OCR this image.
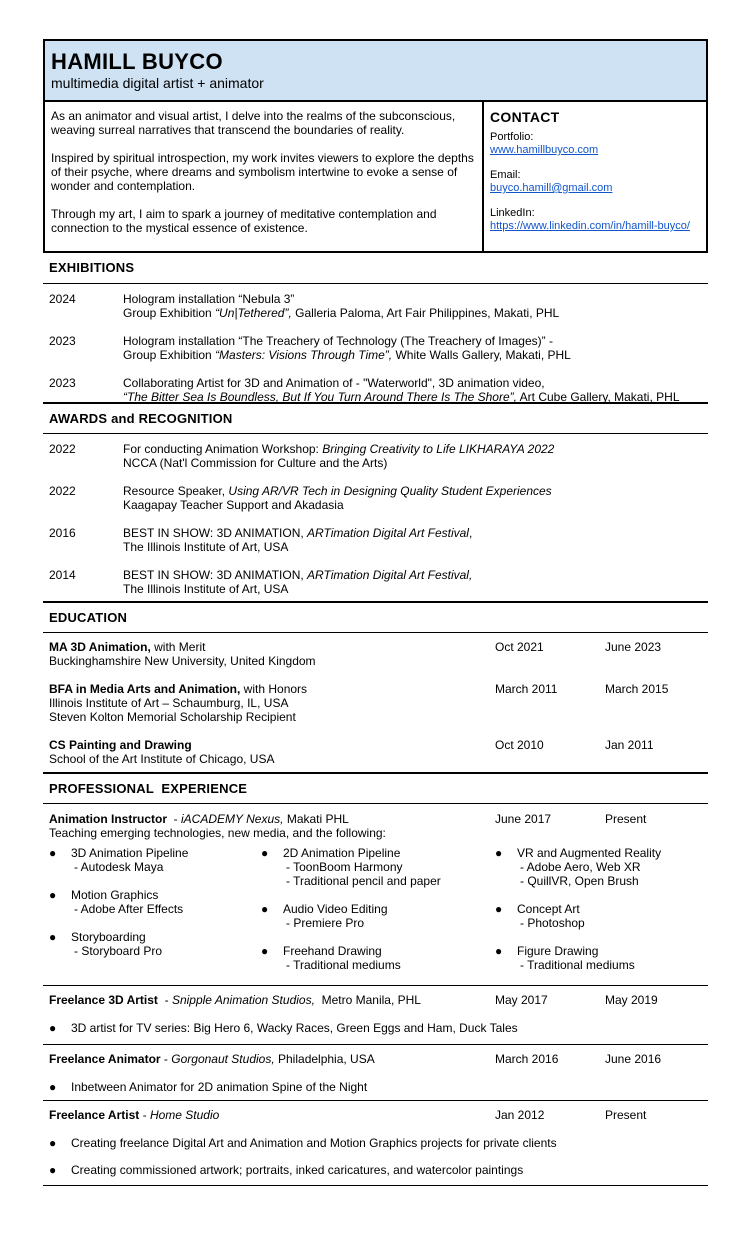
HAMILL BUYCO
multimedia digital artist + animator

As an animator and visual artist, I delve into the realms of the subconscious, weaving surreal narratives that transcend the boundaries of reality.

Inspired by spiritual introspection, my work invites viewers to explore the depths of their psyche, where dreams and symbolism intertwine to evoke a sense of wonder and contemplation.

Through my art, I aim to spark a journey of meditative contemplation and connection to the mystical essence of existence.

CONTACT
Portfolio:
www.hamillbuyco.com
Email:
buyco.hamill@gmail.com
LinkedIn:
https://www.linkedin.com/in/hamill-buyco/
EXHIBITIONS
2024	Hologram installation “Nebula 3”
Group Exhibition “Un|Tethered”, Galleria Paloma, Art Fair Philippines, Makati, PHL
2023	Hologram installation “The Treachery of Technology (The Treachery of Images)” -
Group Exhibition “Masters: Visions Through Time”, White Walls Gallery, Makati, PHL
2023	Collaborating Artist for 3D and Animation of - "Waterworld", 3D animation video,
“The Bitter Sea Is Boundless, But If You Turn Around There Is The Shore”, Art Cube Gallery, Makati, PHL
AWARDS and RECOGNITION
2022	For conducting Animation Workshop: Bringing Creativity to Life LIKHARAYA 2022
NCCA (Nat'l Commission for Culture and the Arts)
2022	Resource Speaker, Using AR/VR Tech in Designing Quality Student Experiences
Kaagapay Teacher Support and Akadasia
2016	BEST IN SHOW: 3D ANIMATION, ARTimation Digital Art Festival,
The Illinois Institute of Art, USA
2014	BEST IN SHOW: 3D ANIMATION, ARTimation Digital Art Festival,
The Illinois Institute of Art, USA
EDUCATION
MA 3D Animation, with Merit
Buckinghamshire New University, United Kingdom
Oct 2021	June 2023
BFA in Media Arts and Animation, with Honors
Illinois Institute of Art – Schaumburg, IL, USA
Steven Kolton Memorial Scholarship Recipient
March 2011	March 2015
CS Painting and Drawing
School of the Art Institute of Chicago, USA
Oct 2010	Jan 2011
PROFESSIONAL  EXPERIENCE
Animation Instructor  - iACADEMY Nexus, Makati PHL	June 2017	Present
Teaching emerging technologies, new media, and the following:
●	3D Animation Pipeline
- Autodesk Maya
●	Motion Graphics
- Adobe After Effects
●	Storyboarding
- Storyboard Pro
●	2D Animation Pipeline
- ToonBoom Harmony
- Traditional pencil and paper
●	Audio Video Editing
- Premiere Pro
●	Freehand Drawing
- Traditional mediums
●	VR and Augmented Reality
- Adobe Aero, Web XR
- QuillVR, Open Brush
●	Concept Art
- Photoshop
●	Figure Drawing
- Traditional mediums
Freelance 3D Artist  - Snipple Animation Studios,  Metro Manila, PHL	May 2017	May 2019
●	3D artist for TV series: Big Hero 6, Wacky Races, Green Eggs and Ham, Duck Tales
Freelance Animator - Gorgonaut Studios, Philadelphia, USA	March 2016	June 2016
●	Inbetween Animator for 2D animation Spine of the Night
Freelance Artist - Home Studio	Jan 2012	Present
●	Creating freelance Digital Art and Animation and Motion Graphics projects for private clients
●	Creating commissioned artwork; portraits, inked caricatures, and watercolor paintings
